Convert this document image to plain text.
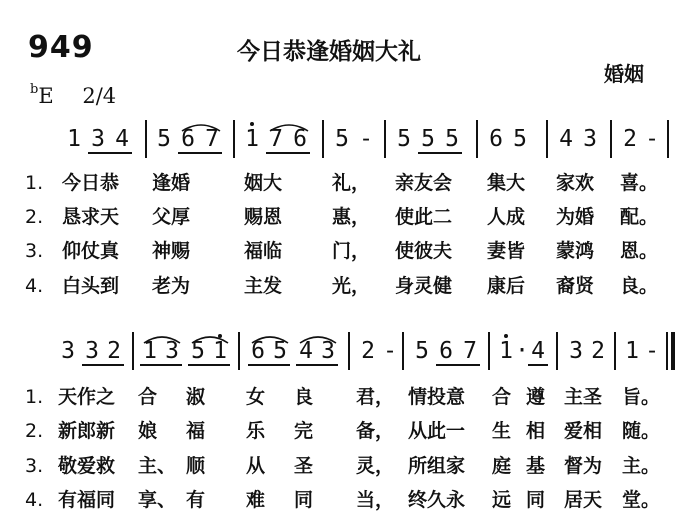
949	今日恭逢婚姻大礼
婚姻
$^b$E 2/4
1 3 4 5 6 7 1 7 6 5 - 5 5 5 6 5 4 3 2 -
1. 今日恭 逢婚	姻大	礼， 亲友会 集大 家欢 喜。
2. 恳求天 父厚	赐恩	惠， 使此二 人成 为婚 配。
3. 仰仗真 神赐	福临	门， 使彼夫 妻皆 蒙鸿 恩。
4. 白头到 老为	主发	光， 身灵健 康后 裔贤 良。
3 3 2 1 3 5 1 6 5 4 3 2 - 5 6 7 1 · 4 3 2 1 -
1. 天作之 合 淑 女 良 君， 情投意 合 遵 主圣 旨。
2. 新郎新 娘 福 乐 完 备， 从此一 生 相 爱相 随。
3. 敬爱救 主、 顺 从 圣 灵， 所组家 庭 基 督为 主。
4. 有福同 享、 有 难 同 当， 终久永 远 同 居天 堂。
